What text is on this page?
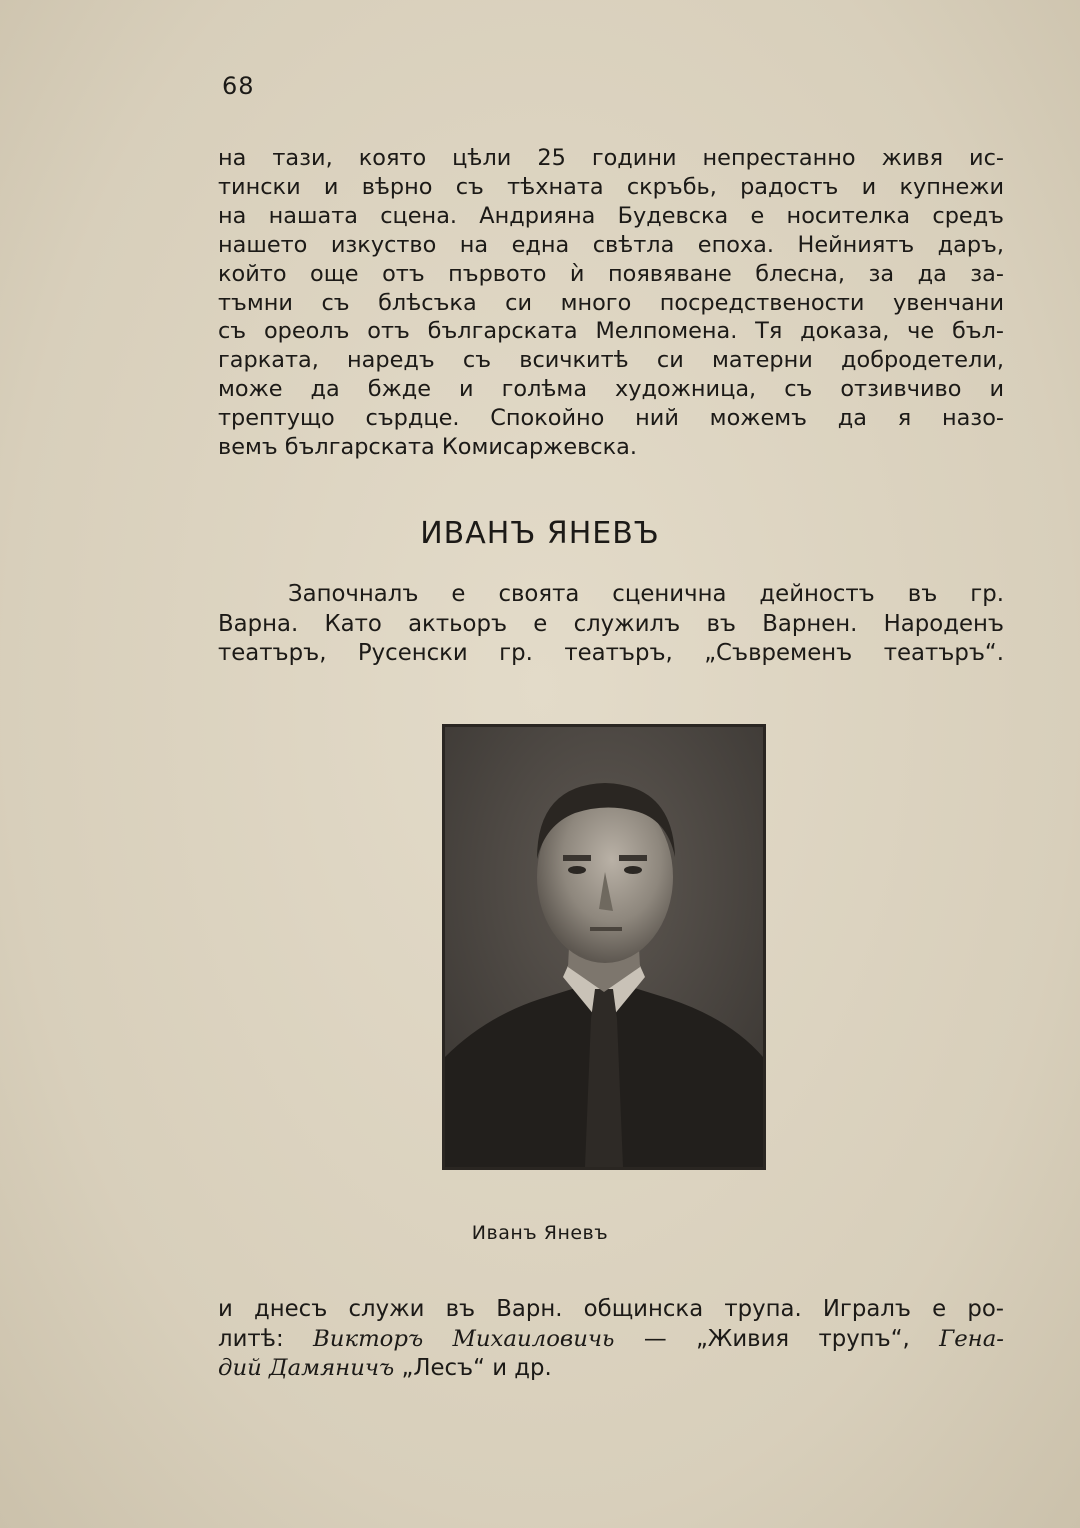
68
на тази, която цѣли 25 години непрестанно живя ис-
тински и вѣрно съ тѣхната скръбь, радостъ и купнежи
на нашата сцена. Андрияна Будевска е носителка средъ
нашето изкуство на една свѣтла епоха. Нейниятъ даръ,
който още отъ първото ѝ появяване блесна, за да за-
тъмни съ блѣсъка си много посредствености увенчани
съ ореолъ отъ българската Мелпомена. Тя доказа, че бъл-
гарката, наредъ съ всичкитѣ си матерни добродетели,
може да бжде и голѣма художница, съ отзивчиво и
трептущо сърдце. Спокойно ний можемъ да я назо-
вемъ българската Комисаржевска.
ИВАНЪ ЯНЕВЪ
Започналъ е своята сценична дейностъ въ гр.
Варна. Като актьоръ е служилъ въ Варнен. Народенъ
театъръ, Русенски гр. театъръ, „Съвременъ театъръ“.
Иванъ Яневъ
и днесъ служи въ Варн. общинска трупа. Игралъ е ро-
литѣ: Викторъ Михаиловичь — „Живия трупъ“, Гена-
дий Дамяничъ „Лесъ“ и др.
